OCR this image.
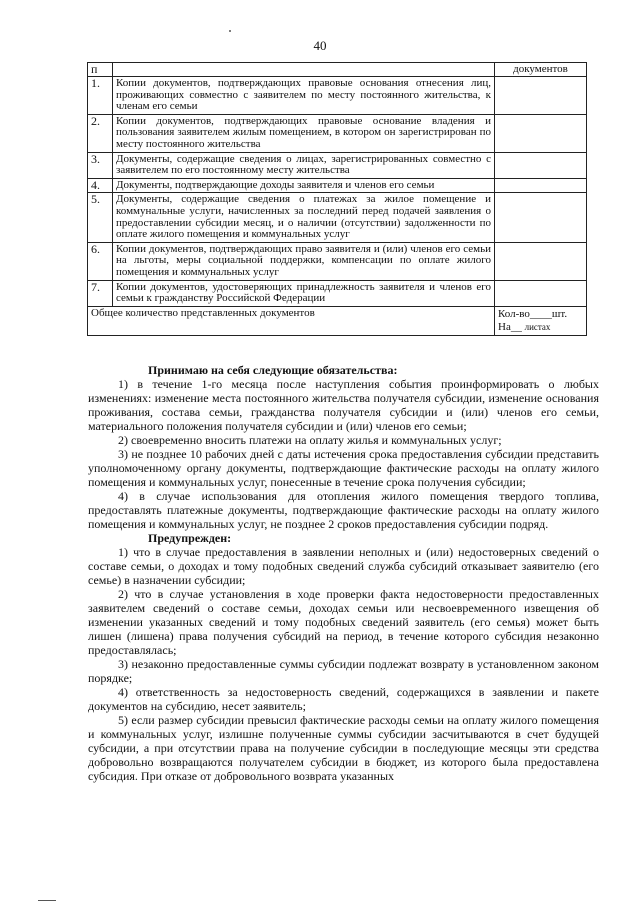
40
п		документов
1.	Копии документов, подтверждающих правовые основания отнесения лиц, проживающих совместно с заявителем по месту постоянного жительства, к членам его семьи	
2.	Копии документов, подтверждающих правовые основание владения и пользования заявителем жилым помещением, в котором он зарегистрирован по месту постоянного жительства	
3.	Документы, содержащие сведения о лицах, зарегистрированных совместно с заявителем по его постоянному месту жительства	
4.	Документы, подтверждающие доходы заявителя и членов его семьи	
5.	Документы, содержащие сведения о платежах за жилое помещение и коммунальные услуги, начисленных за последний перед подачей заявления о предоставлении субсидии месяц, и о наличии (отсутствии) задолженности по оплате жилого помещения и коммунальных услуг	
6.	Копии документов, подтверждающих право заявителя и (или) членов его семьи на льготы, меры социальной поддержки, компенсации по оплате жилого помещения и коммунальных услуг	
7.	Копии документов, удостоверяющих принадлежность заявителя и членов его семьи к гражданству Российской Федерации	
Общее количество представленных документов		Кол-во____шт.
На__ листах

Принимаю на себя следующие обязательства:

1) в течение 1-го месяца после наступления события проинформировать о любых изменениях: изменение места постоянного жительства получателя субсидии, изменение основания проживания, состава семьи, гражданства получателя субсидии и (или) членов его семьи, материального положения получателя субсидии и (или) членов его семьи;

2) своевременно вносить платежи на оплату жилья и коммунальных услуг;

3) не позднее 10 рабочих дней с даты истечения срока предоставления субсидии представить уполномоченному органу документы, подтверждающие фактические расходы на оплату жилого помещения и коммунальных услуг, понесенные в течение срока получения субсидии;

4) в случае использования для отопления жилого помещения твердого топлива, предоставлять платежные документы, подтверждающие фактические расходы на оплату жилого помещения и коммунальных услуг, не позднее 2 сроков предоставления субсидии подряд.

Предупрежден:

1) что в случае предоставления в заявлении неполных и (или) недостоверных сведений о составе семьи, о доходах и тому подобных сведений служба субсидий отказывает заявителю (его семье) в назначении субсидии;

2) что в случае установления в ходе проверки факта недостоверности предоставленных заявителем сведений о составе семьи, доходах семьи или несвоевременного извещения об изменении указанных сведений и тому подобных сведений заявитель (его семья) может быть лишен (лишена) права получения субсидий на период, в течение которого субсидия незаконно предоставлялась;

3) незаконно предоставленные суммы субсидии подлежат возврату в установленном законом порядке;

4) ответственность за недостоверность сведений, содержащихся в заявлении и пакете документов на субсидию, несет заявитель;

5) если размер субсидии превысил фактические расходы семьи на оплату жилого помещения и коммунальных услуг, излишне полученные суммы субсидии засчитываются в счет будущей субсидии, а при отсутствии права на получение субсидии в последующие месяцы эти средства добровольно возвращаются получателем субсидии в бюджет, из которого была предоставлена субсидия. При отказе от добровольного возврата указанных
